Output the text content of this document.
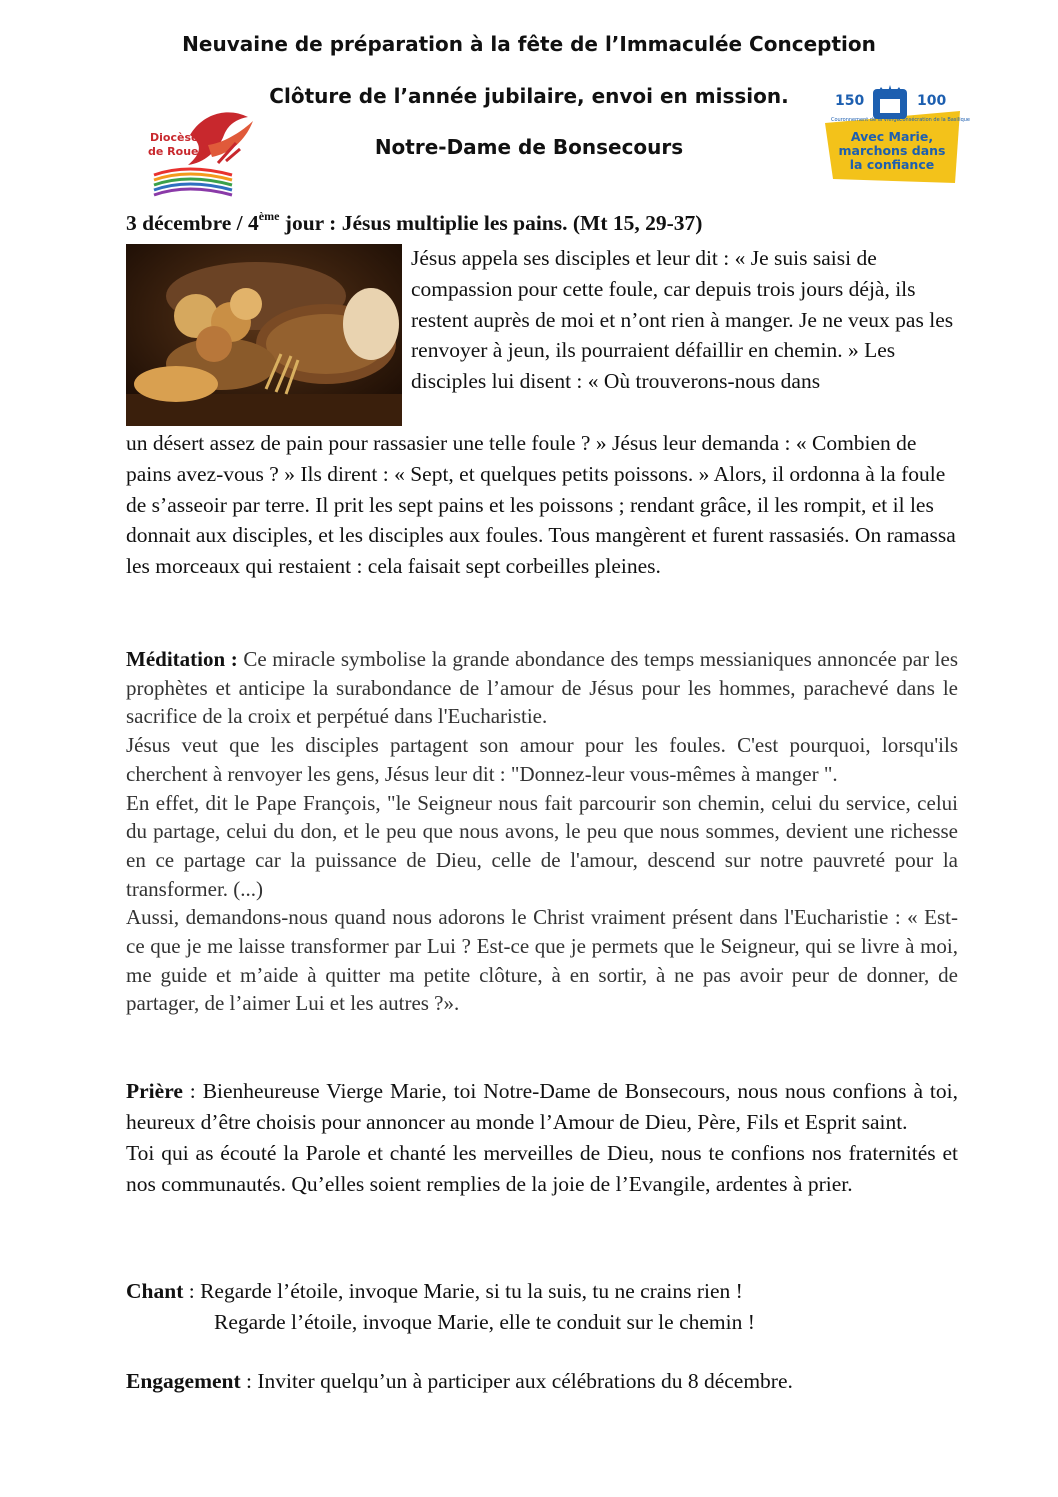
Neuvaine de préparation à la fête de l’Immaculée Conception
Clôture de l’année jubilaire, envoi en mission.
Notre-Dame de Bonsecours
Diocèse
de Rouen
150	100
Couronnement de la Vierge Consécration de la Basilique
Avec Marie,
marchons dans
la confiance
3 décembre / 4ème jour : Jésus multiplie les pains. (Mt 15, 29-37)

Jésus appela ses disciples et leur dit : « Je suis saisi de compassion pour cette foule, car depuis trois jours déjà, ils restent auprès de moi et n’ont rien à manger. Je ne veux pas les renvoyer à jeun, ils pourraient défaillir en chemin. » Les disciples lui disent : « Où trouverons-nous dans

un désert assez de pain pour rassasier une telle foule ? » Jésus leur demanda : « Combien de pains avez-vous ? » Ils dirent : « Sept, et quelques petits poissons. » Alors, il ordonna à la foule de s’asseoir par terre. Il prit les sept pains et les poissons ; rendant grâce, il les rompit, et il les donnait aux disciples, et les disciples aux foules. Tous mangèrent et furent rassasiés. On ramassa les morceaux qui restaient : cela faisait sept corbeilles pleines.

Méditation : Ce miracle symbolise la grande abondance des temps messianiques annoncée par les prophètes et anticipe la surabondance de l’amour de Jésus pour les hommes, parachevé dans le sacrifice de la croix et perpétué dans l'Eucharistie.

Jésus veut que les disciples partagent son amour pour les foules. C'est pourquoi, lorsqu'ils cherchent à renvoyer les gens, Jésus leur dit : "Donnez-leur vous-mêmes à manger ".

En effet, dit le Pape François, "le Seigneur nous fait parcourir son chemin, celui du service, celui du partage, celui du don, et le peu que nous avons, le peu que nous sommes, devient une richesse en ce partage car la puissance de Dieu, celle de l'amour, descend sur notre pauvreté pour la transformer. (...)

Aussi, demandons-nous quand nous adorons le Christ vraiment présent dans l'Eucharistie : « Est-ce que je me laisse transformer par Lui ? Est-ce que je permets que le Seigneur, qui se livre à moi, me guide et m’aide à quitter ma petite clôture, à en sortir, à ne pas avoir peur de donner, de partager, de l’aimer Lui et les autres ?».

Prière : Bienheureuse Vierge Marie, toi Notre-Dame de Bonsecours, nous nous confions à toi, heureux d’être choisis pour annoncer au monde l’Amour de Dieu, Père, Fils et Esprit saint.

Toi qui as écouté la Parole et chanté les merveilles de Dieu, nous te confions nos fraternités et nos communautés. Qu’elles soient remplies de la joie de l’Evangile, ardentes à prier.

Chant : Regarde l’étoile, invoque Marie, si tu la suis, tu ne crains rien !
Regarde l’étoile, invoque Marie, elle te conduit sur le chemin !
Engagement : Inviter quelqu’un à participer aux célébrations du 8 décembre.
